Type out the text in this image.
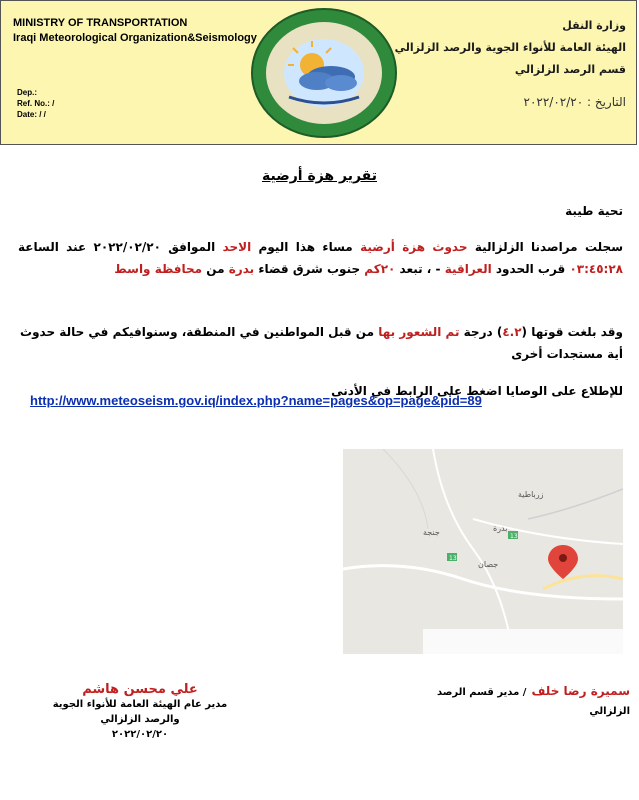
MINISTRY OF TRANSPORTATION
Iraqi Meteorological Organization&Seismology
Dep.:
Ref. No.: /
Date: / /
وزارة النقل
الهيئة العامة للأنواء الجوية والرصد الزلزالي
قسم الرصد الزلزالي
التاريخ : ٢٠٢٢/٠٢/٢٠
تقرير هزة أرضية
تحية طيبة
سجلت مراصدنا الزلزالية حدوث هزة أرضية مساء هذا اليوم الاحد الموافق ٢٠٢٢/٠٢/٢٠ عند الساعة ٠٣:٤٥:٢٨ قرب الحدود العراقية - ، تبعد ٢٠كم جنوب شرق قضاء بدرة من محافظة واسط
وقد بلغت قوتها (٤.٢) درجة تم الشعور بها من قبل المواطنين في المنطقة، وسنوافيكم في حالة حدوث أية مستجدات أخرى
للإطلاع على الوصايا اضغط على الرابط في الأدنى
http://www.meteoseism.gov.iq/index.php?name=pages&op=page&pid=89
زرباطية
بدرة
جصان
جنجة	13
13
علي محسن هاشم
مدير عام الهيئة العامة للأنواء الجوية
والرصد الزلزالي
٢٠٢٢/٠٢/٢٠
سميرة رضا خلف / مدير قسم الرصد الزلزالي
